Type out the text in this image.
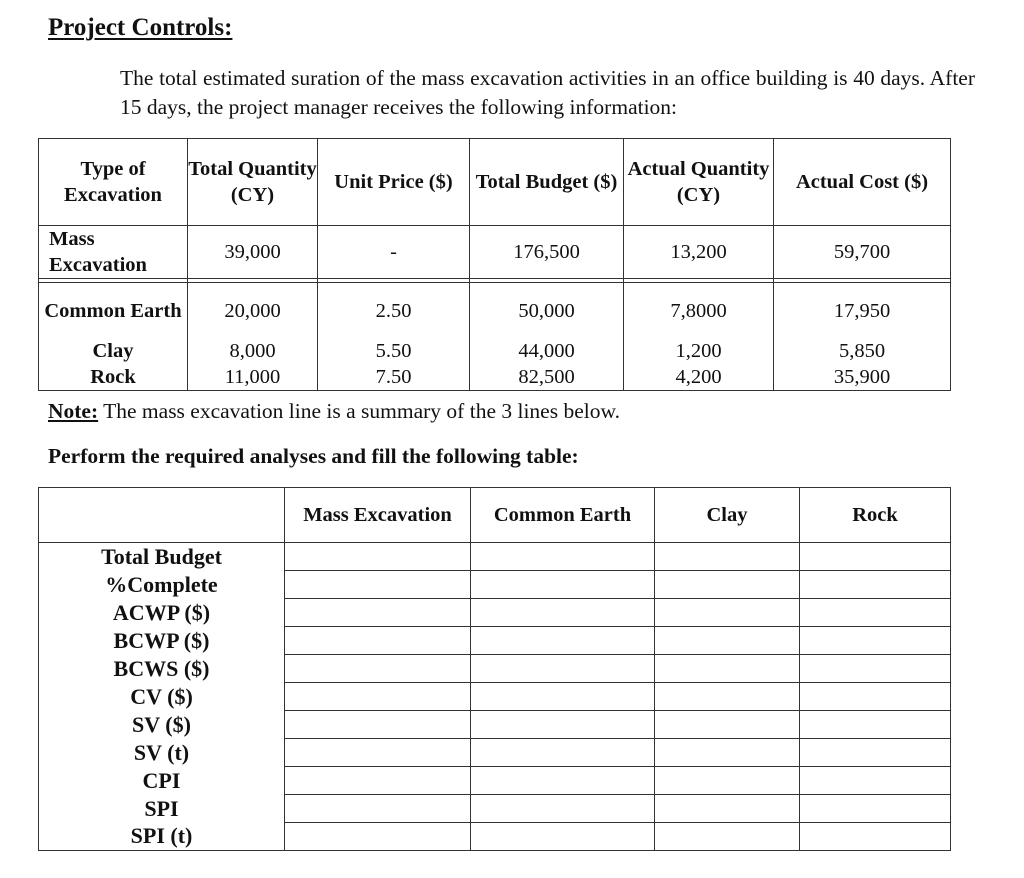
Project Controls:
The total estimated suration of the mass excavation activities in an office building is 40 days. After 15 days, the project manager receives the following information:
Type of Excavation	Total Quantity (CY)	Unit Price ($)	Total Budget ($)	Actual Quantity (CY)	Actual Cost ($)
Mass Excavation	39,000	-	176,500	13,200	59,700

Common Earth	20,000	2.50	50,000	7,8000	17,950
Clay	8,000	5.50	44,000	1,200	5,850
Rock	11,000	7.50	82,500	4,200	35,900
Note: The mass excavation line is a summary of the 3 lines below.
Perform the required analyses and fill the following table:
	Mass Excavation	Common Earth	Clay	Rock
Total Budget				
%Complete				
ACWP ($)				
BCWP ($)				
BCWS ($)				
CV ($)				
SV ($)				
SV (t)				
CPI				
SPI				
SPI (t)				
